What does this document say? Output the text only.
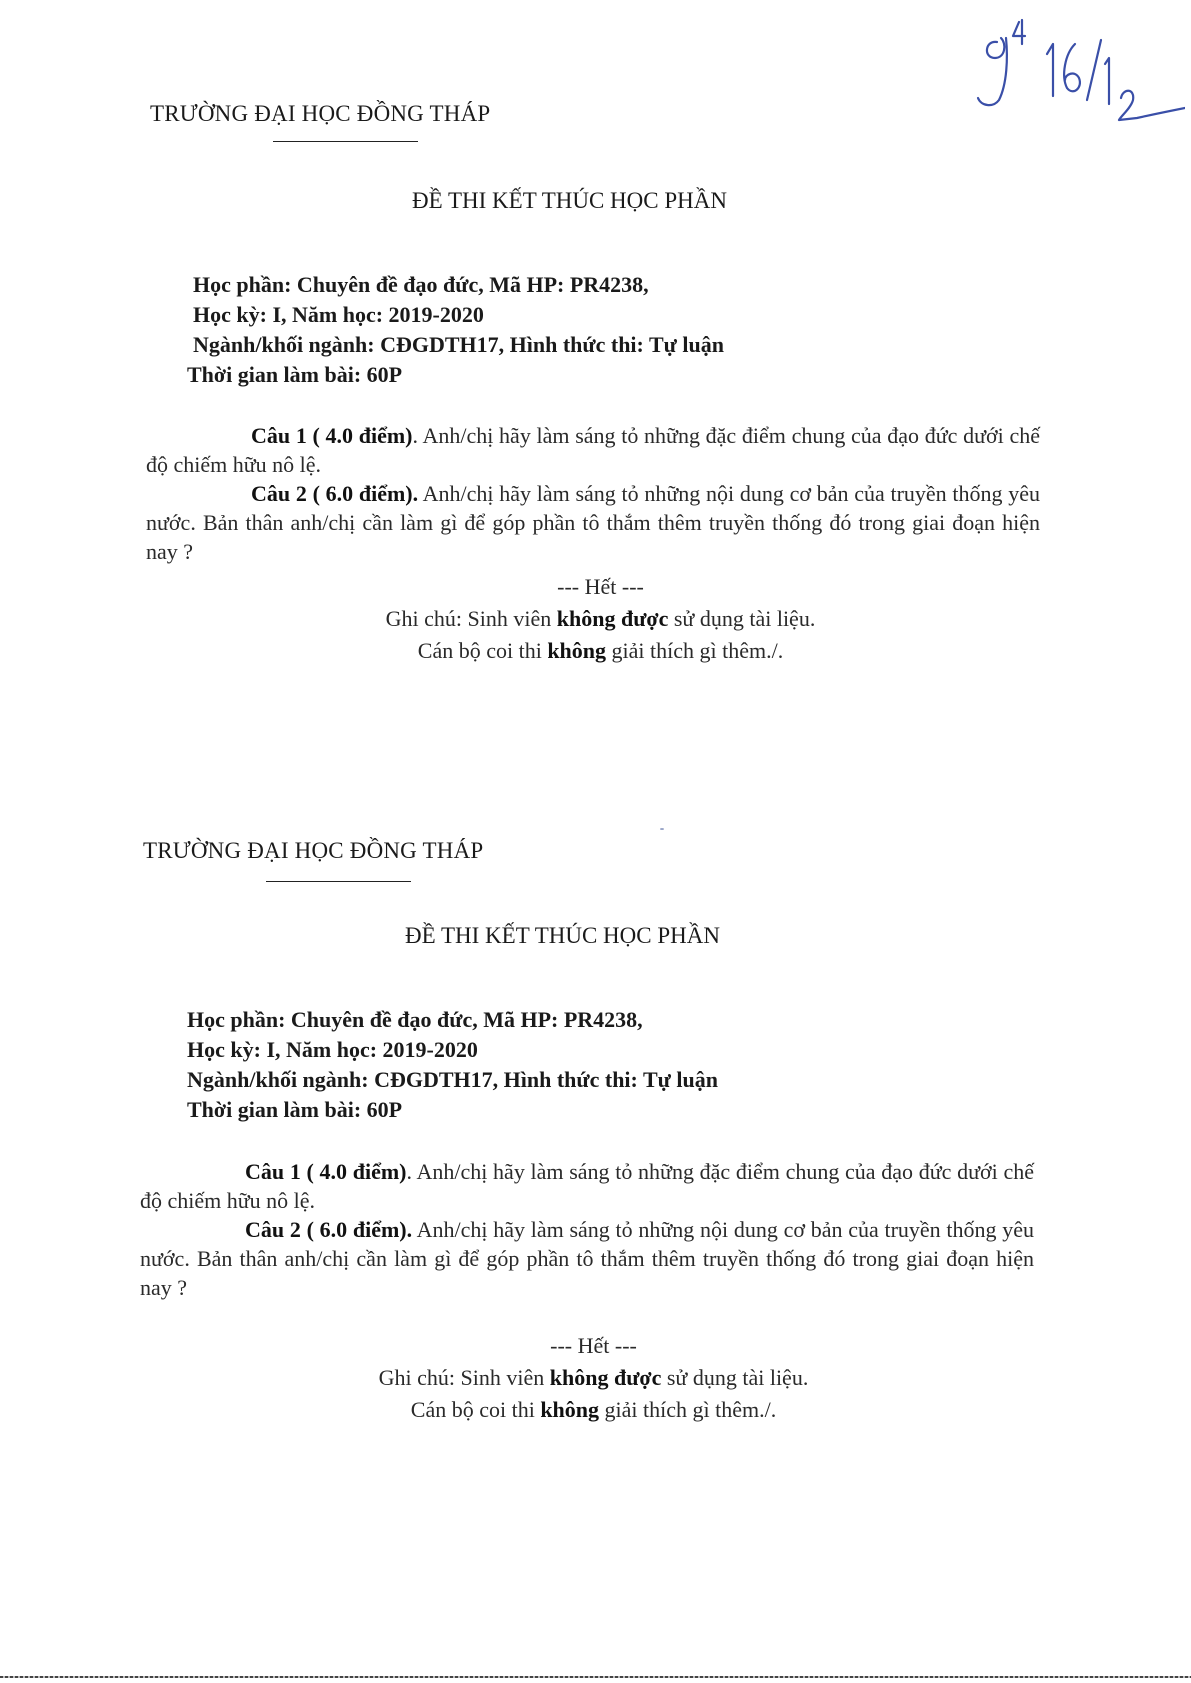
TRƯỜNG ĐẠI HỌC ĐỒNG THÁP
ĐỀ THI KẾT THÚC HỌC PHẦN
Học phần: Chuyên đề đạo đức, Mã HP: PR4238,
Học kỳ: I, Năm học: 2019-2020
Ngành/khối ngành: CĐGDTH17, Hình thức thi: Tự luận
Thời gian làm bài: 60P

Câu 1 ( 4.0 điểm). Anh/chị hãy làm sáng tỏ những đặc điểm chung của đạo đức dưới chế độ chiếm hữu nô lệ.

Câu 2 ( 6.0 điểm). Anh/chị hãy làm sáng tỏ những nội dung cơ bản của truyền thống yêu nước. Bản thân anh/chị cần làm gì để góp phần tô thắm thêm truyền thống đó trong giai đoạn hiện nay ?

--- Hết ---
Ghi chú: Sinh viên không được sử dụng tài liệu.
Cán bộ coi thi không giải thích gì thêm./.
TRƯỜNG ĐẠI HỌC ĐỒNG THÁP
ĐỀ THI KẾT THÚC HỌC PHẦN
Học phần: Chuyên đề đạo đức, Mã HP: PR4238,
Học kỳ: I, Năm học: 2019-2020
Ngành/khối ngành: CĐGDTH17, Hình thức thi: Tự luận
Thời gian làm bài: 60P

Câu 1 ( 4.0 điểm). Anh/chị hãy làm sáng tỏ những đặc điểm chung của đạo đức dưới chế độ chiếm hữu nô lệ.

Câu 2 ( 6.0 điểm). Anh/chị hãy làm sáng tỏ những nội dung cơ bản của truyền thống yêu nước. Bản thân anh/chị cần làm gì để góp phần tô thắm thêm truyền thống đó trong giai đoạn hiện nay ?

--- Hết ---
Ghi chú: Sinh viên không được sử dụng tài liệu.
Cán bộ coi thi không giải thích gì thêm./.
